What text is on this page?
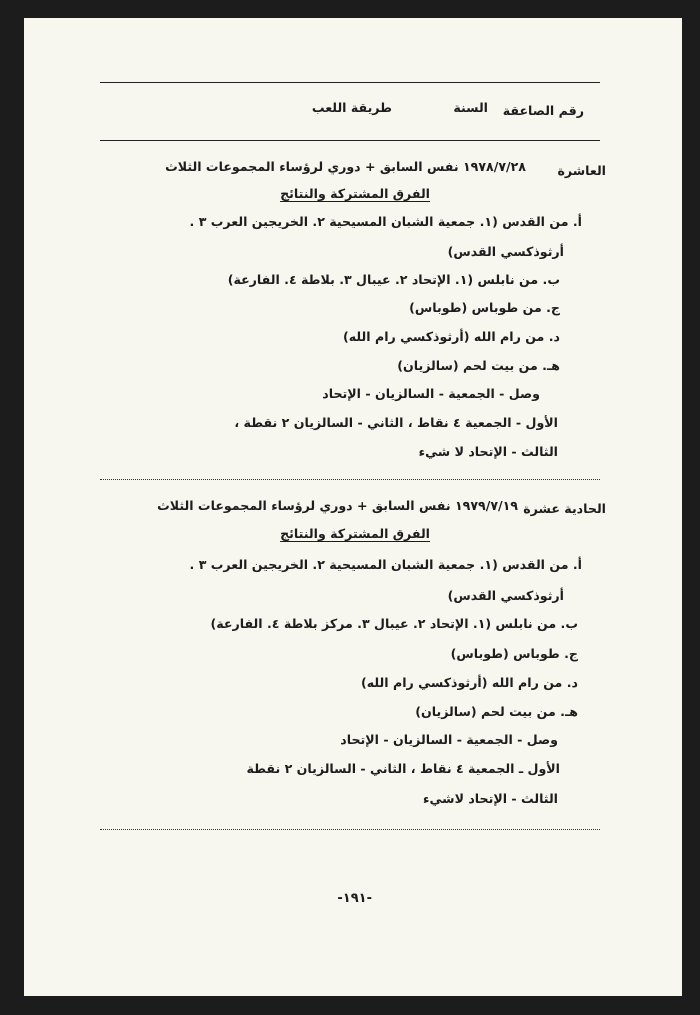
رقم الصاعقة
السنة
طريقة اللعب
العاشرة
١٩٧٨/٧/٢٨ نفس السابق + دوري لرؤساء المجموعات الثلاث
الفرق المشتركة والنتائج
أ. من القدس (١. جمعية الشبان المسيحية ٢. الخريجين العرب ٣ .
أرثوذكسي القدس)
ب. من نابلس (١. الإتحاد ٢. عيبال ٣. بلاطة ٤. الفارعة)
ج. من طوباس (طوباس)
د. من رام الله (أرثوذكسي رام الله)
هـ. من بيت لحم (سالزيان)
وصل - الجمعية - السالزيان - الإتحاد
الأول - الجمعية ٤ نقاط ، الثاني - السالزيان ٢ نقطة ،
الثالث - الإتحاد لا شيء
الحادية عشرة
١٩٧٩/٧/١٩ نفس السابق + دوري لرؤساء المجموعات الثلاث
الفرق المشتركة والنتائج
أ. من القدس (١. جمعية الشبان المسيحية ٢. الخريجين العرب ٣ .
أرثوذكسي القدس)
ب. من نابلس (١. الإتحاد ٢. عيبال ٣. مركز بلاطة ٤. الفارعة)
ج. طوباس (طوباس)
د. من رام الله (أرثوذكسي رام الله)
هـ. من بيت لحم (سالزيان)
وصل - الجمعية - السالزيان - الإتحاد
الأول ـ الجمعية ٤ نقاط ، الثاني - السالزيان ٢ نقطة
الثالث - الإتحاد لاشيء
-١٩١-
